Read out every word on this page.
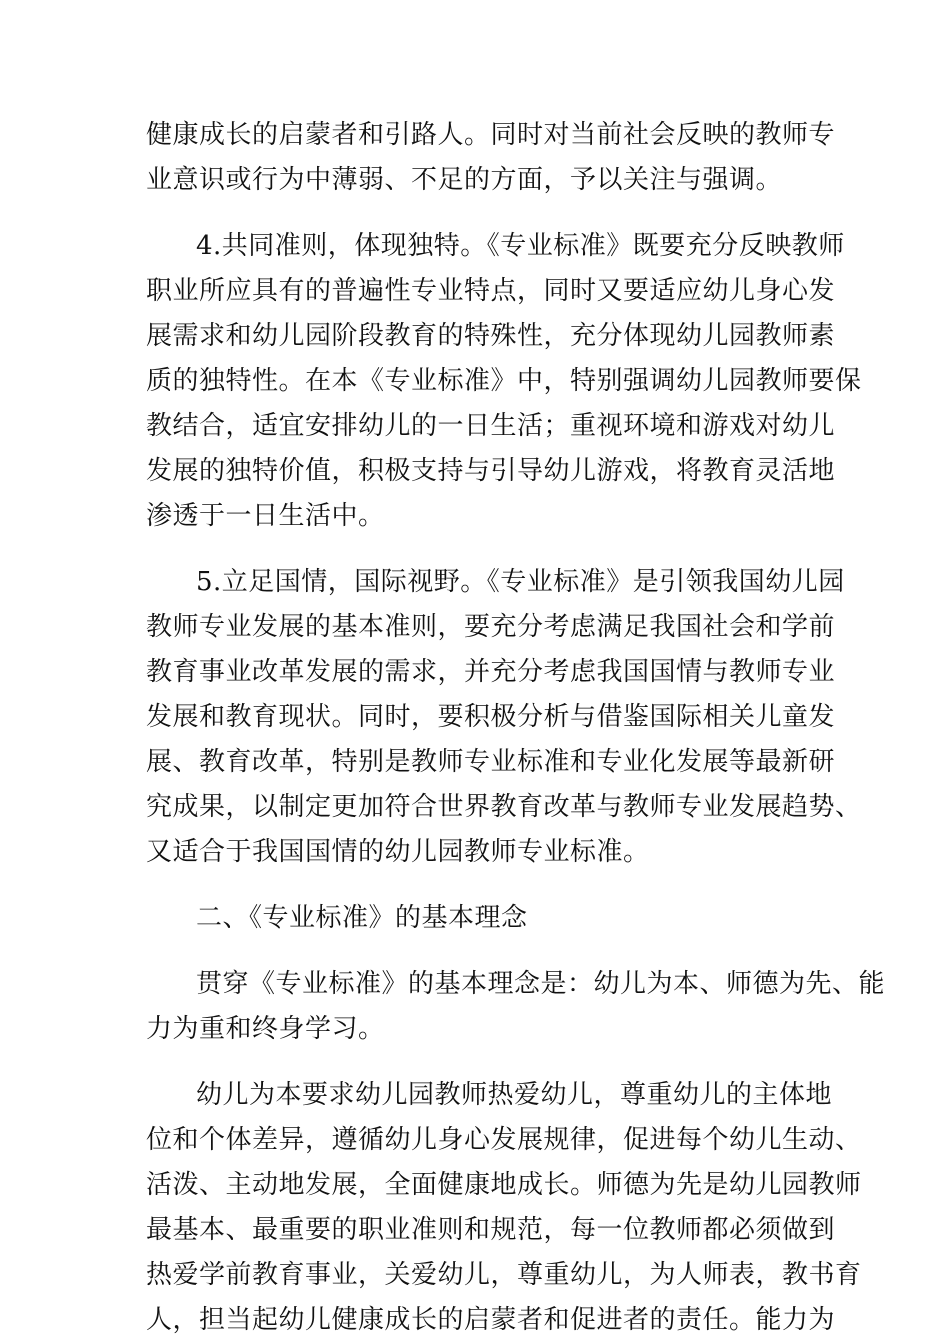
健康成长的启蒙者和引路人。同时对当前社会反映的教师专
业意识或行为中薄弱、不足的方面，予以关注与强调。
4.共同准则，体现独特。《专业标准》既要充分反映教师
职业所应具有的普遍性专业特点，同时又要适应幼儿身心发
展需求和幼儿园阶段教育的特殊性，充分体现幼儿园教师素
质的独特性。在本《专业标准》中，特别强调幼儿园教师要保
教结合，适宜安排幼儿的一日生活；重视环境和游戏对幼儿
发展的独特价值，积极支持与引导幼儿游戏，将教育灵活地
渗透于一日生活中。
5.立足国情，国际视野。《专业标准》是引领我国幼儿园
教师专业发展的基本准则，要充分考虑满足我国社会和学前
教育事业改革发展的需求，并充分考虑我国国情与教师专业
发展和教育现状。同时，要积极分析与借鉴国际相关儿童发
展、教育改革，特别是教师专业标准和专业化发展等最新研
究成果，以制定更加符合世界教育改革与教师专业发展趋势、
又适合于我国国情的幼儿园教师专业标准。
二、《专业标准》的基本理念
贯穿《专业标准》的基本理念是：幼儿为本、师德为先、能
力为重和终身学习。
幼儿为本要求幼儿园教师热爱幼儿，尊重幼儿的主体地
位和个体差异，遵循幼儿身心发展规律，促进每个幼儿生动、
活泼、主动地发展，全面健康地成长。师德为先是幼儿园教师
最基本、最重要的职业准则和规范，每一位教师都必须做到
热爱学前教育事业，关爱幼儿，尊重幼儿，为人师表，教书育
人，担当起幼儿健康成长的启蒙者和促进者的责任。能力为
